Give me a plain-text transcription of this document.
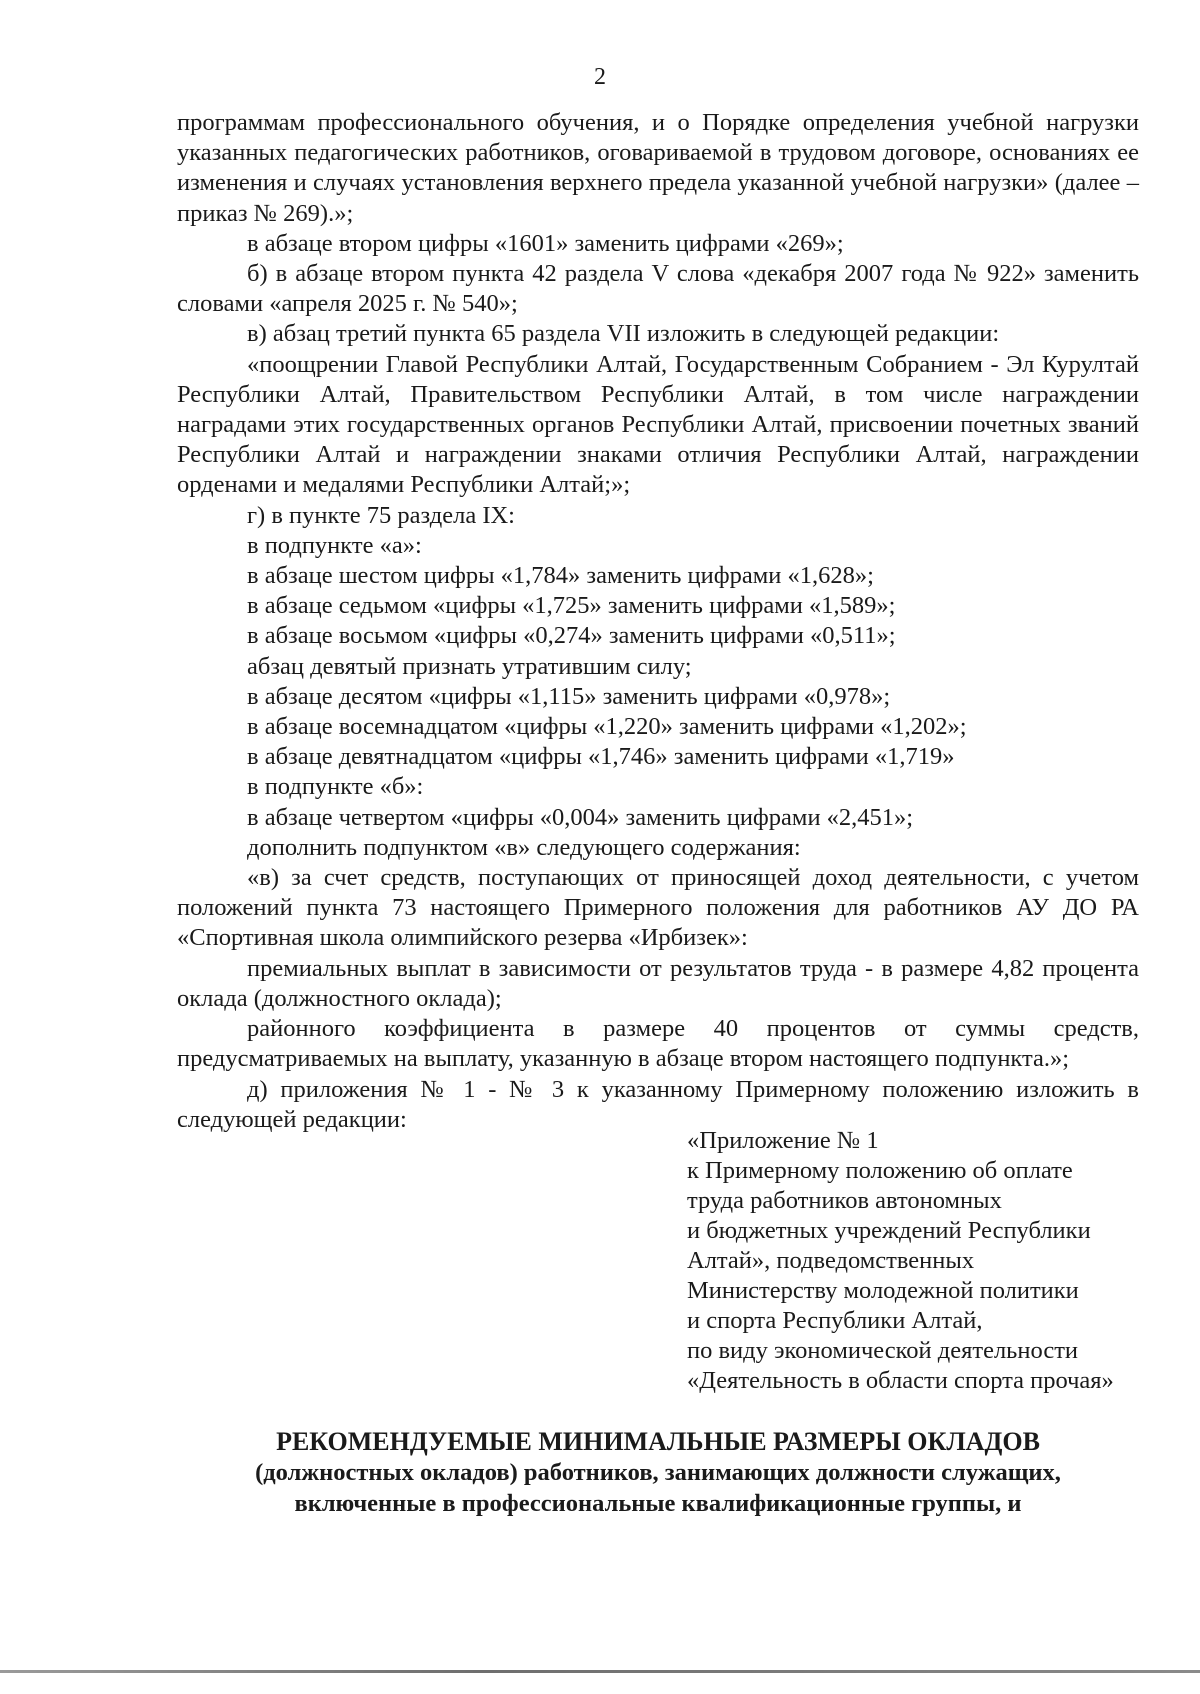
2

программам профессионального обучения, и о Порядке определения учебной нагрузки указанных педагогических работников, оговариваемой в трудовом договоре, основаниях ее изменения и случаях установления верхнего предела указанной учебной нагрузки» (далее – приказ № 269).»;

в абзаце втором цифры «1601» заменить цифрами «269»;

б) в абзаце втором пункта 42 раздела V слова «декабря 2007 года № 922» заменить словами «апреля 2025 г. № 540»;

в) абзац третий пункта 65 раздела VII изложить в следующей редакции:

«поощрении Главой Республики Алтай, Государственным Собранием - Эл Курултай Республики Алтай, Правительством Республики Алтай, в том числе награждении наградами этих государственных органов Республики Алтай, присвоении почетных званий Республики Алтай и награждении знаками отличия Республики Алтай, награждении орденами и медалями Республики Алтай;»;

г) в пункте 75 раздела IX:

в подпункте «а»:

в абзаце шестом цифры «1,784» заменить цифрами «1,628»;

в абзаце седьмом «цифры «1,725» заменить цифрами «1,589»;

в абзаце восьмом «цифры «0,274» заменить цифрами «0,511»;

абзац девятый признать утратившим силу;

в абзаце десятом «цифры «1,115» заменить цифрами «0,978»;

в абзаце восемнадцатом «цифры «1,220» заменить цифрами «1,202»;

в абзаце девятнадцатом «цифры «1,746» заменить цифрами «1,719»

в подпункте «б»:

в абзаце четвертом «цифры «0,004» заменить цифрами «2,451»;

дополнить подпунктом «в» следующего содержания:

«в) за счет средств, поступающих от приносящей доход деятельности, с учетом положений пункта 73 настоящего Примерного положения для работников АУ ДО РА «Спортивная школа олимпийского резерва «Ирбизек»:

премиальных выплат в зависимости от результатов труда - в размере 4,82 процента оклада (должностного оклада);

районного коэффициента в размере 40 процентов от суммы средств, предусматриваемых на выплату, указанную в абзаце втором настоящего подпункта.»;

д) приложения № 1 - № 3 к указанному Примерному положению изложить в следующей редакции:

«Приложение № 1
к Примерному положению об оплате
труда работников автономных
и бюджетных учреждений Республики
Алтай», подведомственных
Министерству молодежной политики
и спорта Республики Алтай,
по виду экономической деятельности
«Деятельность в области спорта прочая»
РЕКОМЕНДУЕМЫЕ МИНИМАЛЬНЫЕ РАЗМЕРЫ ОКЛАДОВ
(должностных окладов) работников, занимающих должности служащих,
включенные в профессиональные квалификационные группы, и
